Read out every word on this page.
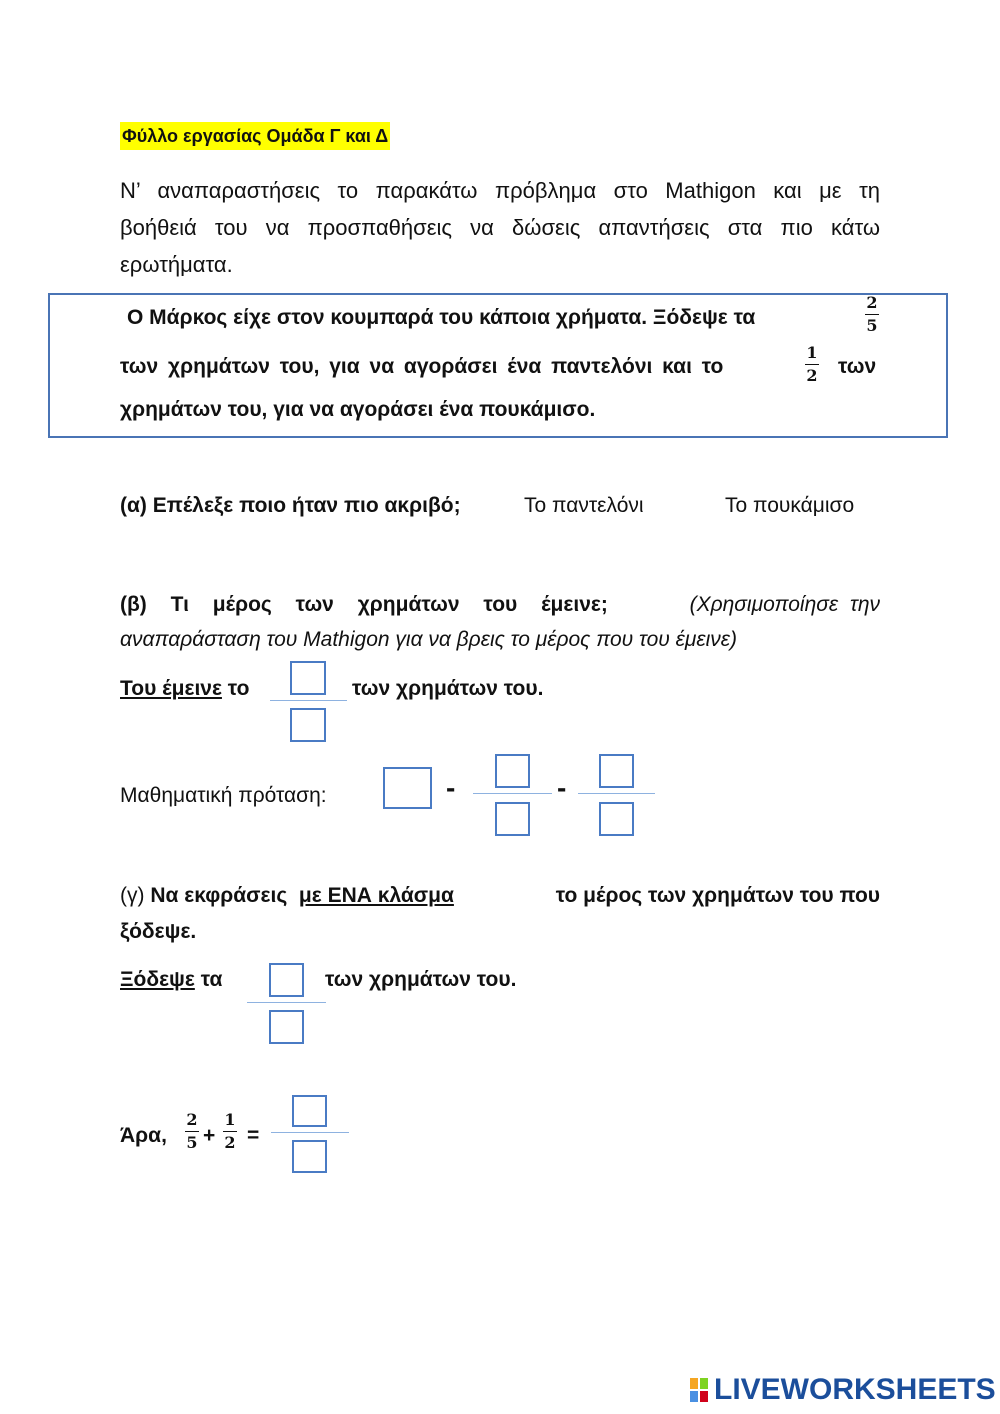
Φύλλο εργασίας Ομάδα Γ και Δ
Ν’ αναπαραστήσεις το παρακάτω πρόβλημα στο Mathigon και με τη
βοήθειά του να προσπαθήσεις να δώσεις απαντήσεις στα πιο κάτω
ερωτήματα.
Ο Μάρκος είχε στον κουμπαρά του κάποια χρήματα. Ξόδεψε τα
2
5
των χρημάτων του, για να αγοράσει ένα παντελόνι και το
1
2 των
χρημάτων του, για να αγοράσει ένα πουκάμισο.
(α) Επέλεξε ποιο ήταν πιο ακριβό;	Το παντελόνι	Το πουκάμισο
(β) Τι μέρος των χρημάτων του έμεινε;	(Χρησιμοποίησε την
αναπαράσταση του Mathigon για να βρεις το μέρος που του έμεινε)
Του έμεινε το	των χρημάτων του.
Μαθηματική πρόταση:	-	-
(γ) Να εκφράσεις με ΕΝΑ κλάσμα	το μέρος των χρημάτων του που
ξόδεψε.
Ξόδεψε τα	των χρημάτων του.
Άρα,
2
5 +
1
2 =
LIVEWORKSHEETS
